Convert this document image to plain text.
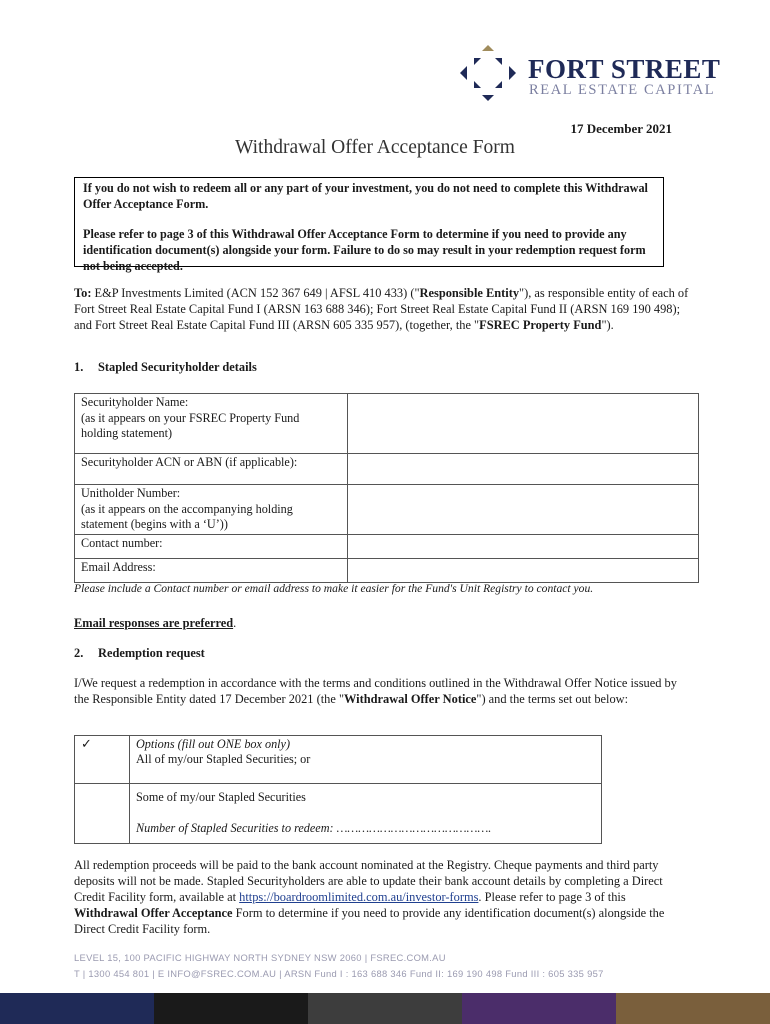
FORT STREET
REAL ESTATE CAPITAL
17 December 2021
Withdrawal Offer Acceptance Form

If you do not wish to redeem all or any part of your investment, you do not need to complete this Withdrawal Offer Acceptance Form.

Please refer to page 3 of this Withdrawal Offer Acceptance Form to determine if you need to provide any identification document(s) alongside your form. Failure to do so may result in your redemption request form not being accepted.

To: E&P Investments Limited (ACN 152 367 649 | AFSL 410 433) ("Responsible Entity"), as responsible entity of each of Fort Street Real Estate Capital Fund I (ARSN 163 688 346); Fort Street Real Estate Capital Fund II (ARSN 169 190 498); and Fort Street Real Estate Capital Fund III (ARSN 605 335 957), (together, the "FSREC Property Fund").
1. Stapled Securityholder details
Securityholder Name:
(as it appears on your FSREC Property Fund
holding statement)	

Securityholder ACN or ABN (if applicable):	

Unitholder Number:
(as it appears on the accompanying holding
statement (begins with a ‘U’))	

Contact number:	

Email Address:	

Please include a Contact number or email address to make it easier for the Fund's Unit Registry to contact you.
Email responses are preferred.
2. Redemption request
I/We request a redemption in accordance with the terms and conditions outlined in the Withdrawal Offer Notice issued by the Responsible Entity dated 17 December 2021 (the "Withdrawal Offer Notice") and the terms set out below:
✓	Options (fill out ONE box only)
All of my/our Stapled Securities; or

	Some of my/our Stapled Securities
Number of Stapled Securities to redeem: …………………………………….
All redemption proceeds will be paid to the bank account nominated at the Registry. Cheque payments and third party deposits will not be made. Stapled Securityholders are able to update their bank account details by completing a Direct Credit Facility form, available at https://boardroomlimited.com.au/investor-forms. Please refer to page 3 of this Withdrawal Offer Acceptance Form to determine if you need to provide any identification document(s) alongside the Direct Credit Facility form.
LEVEL 15, 100 PACIFIC HIGHWAY NORTH SYDNEY NSW 2060 | FSREC.COM.AU
T | 1300 454 801 | E INFO@FSREC.COM.AU | ARSN Fund I : 163 688 346 Fund II: 169 190 498 Fund III : 605 335 957
